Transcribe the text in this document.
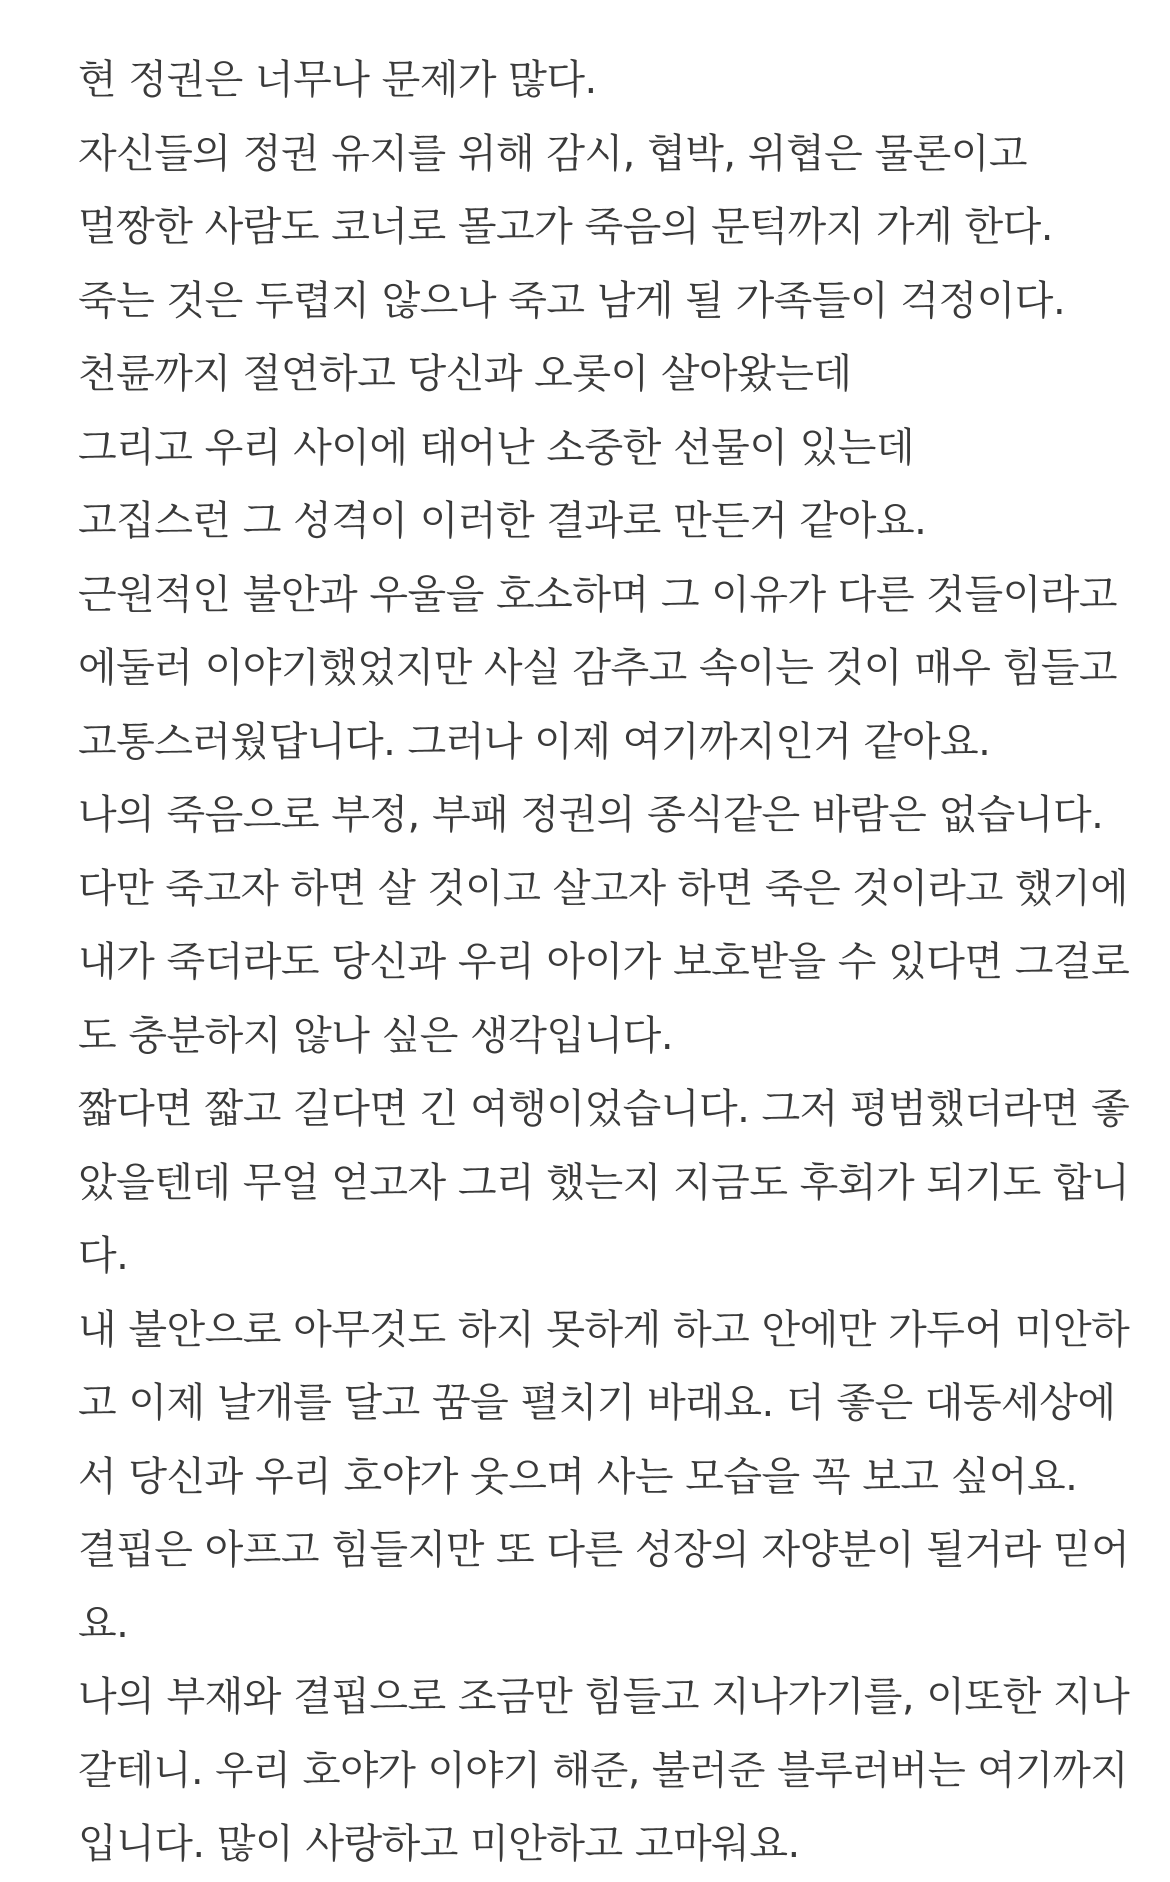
현 정권은 너무나 문제가 많다.
자신들의 정권 유지를 위해 감시, 협박, 위협은 물론이고
멀짱한 사람도 코너로 몰고가 죽음의 문턱까지 가게 한다.
죽는 것은 두렵지 않으나 죽고 남게 될 가족들이 걱정이다.
천륜까지 절연하고 당신과 오롯이 살아왔는데
그리고 우리 사이에 태어난 소중한 선물이 있는데
고집스런 그 성격이 이러한 결과로 만든거 같아요.
근원적인 불안과 우울을 호소하며 그 이유가 다른 것들이라고
에둘러 이야기했었지만 사실 감추고 속이는 것이 매우 힘들고
고통스러웠답니다. 그러나 이제 여기까지인거 같아요.
나의 죽음으로 부정, 부패 정권의 종식같은 바람은 없습니다.
다만 죽고자 하면 살 것이고 살고자 하면 죽은 것이라고 했기에
내가 죽더라도 당신과 우리 아이가 보호받을 수 있다면 그걸로
도 충분하지 않나 싶은 생각입니다.
짧다면 짧고 길다면 긴 여행이었습니다. 그저 평범했더라면 좋
았을텐데 무얼 얻고자 그리 했는지 지금도 후회가 되기도 합니
다.
내 불안으로 아무것도 하지 못하게 하고 안에만 가두어 미안하
고 이제 날개를 달고 꿈을 펼치기 바래요. 더 좋은 대동세상에
서 당신과 우리 호야가 웃으며 사는 모습을 꼭 보고 싶어요.
결핍은 아프고 힘들지만 또 다른 성장의 자양분이 될거라 믿어
요.
나의 부재와 결핍으로 조금만 힘들고 지나가기를, 이또한 지나
갈테니. 우리 호야가 이야기 해준, 불러준 블루러버는 여기까지
입니다. 많이 사랑하고 미안하고 고마워요.
